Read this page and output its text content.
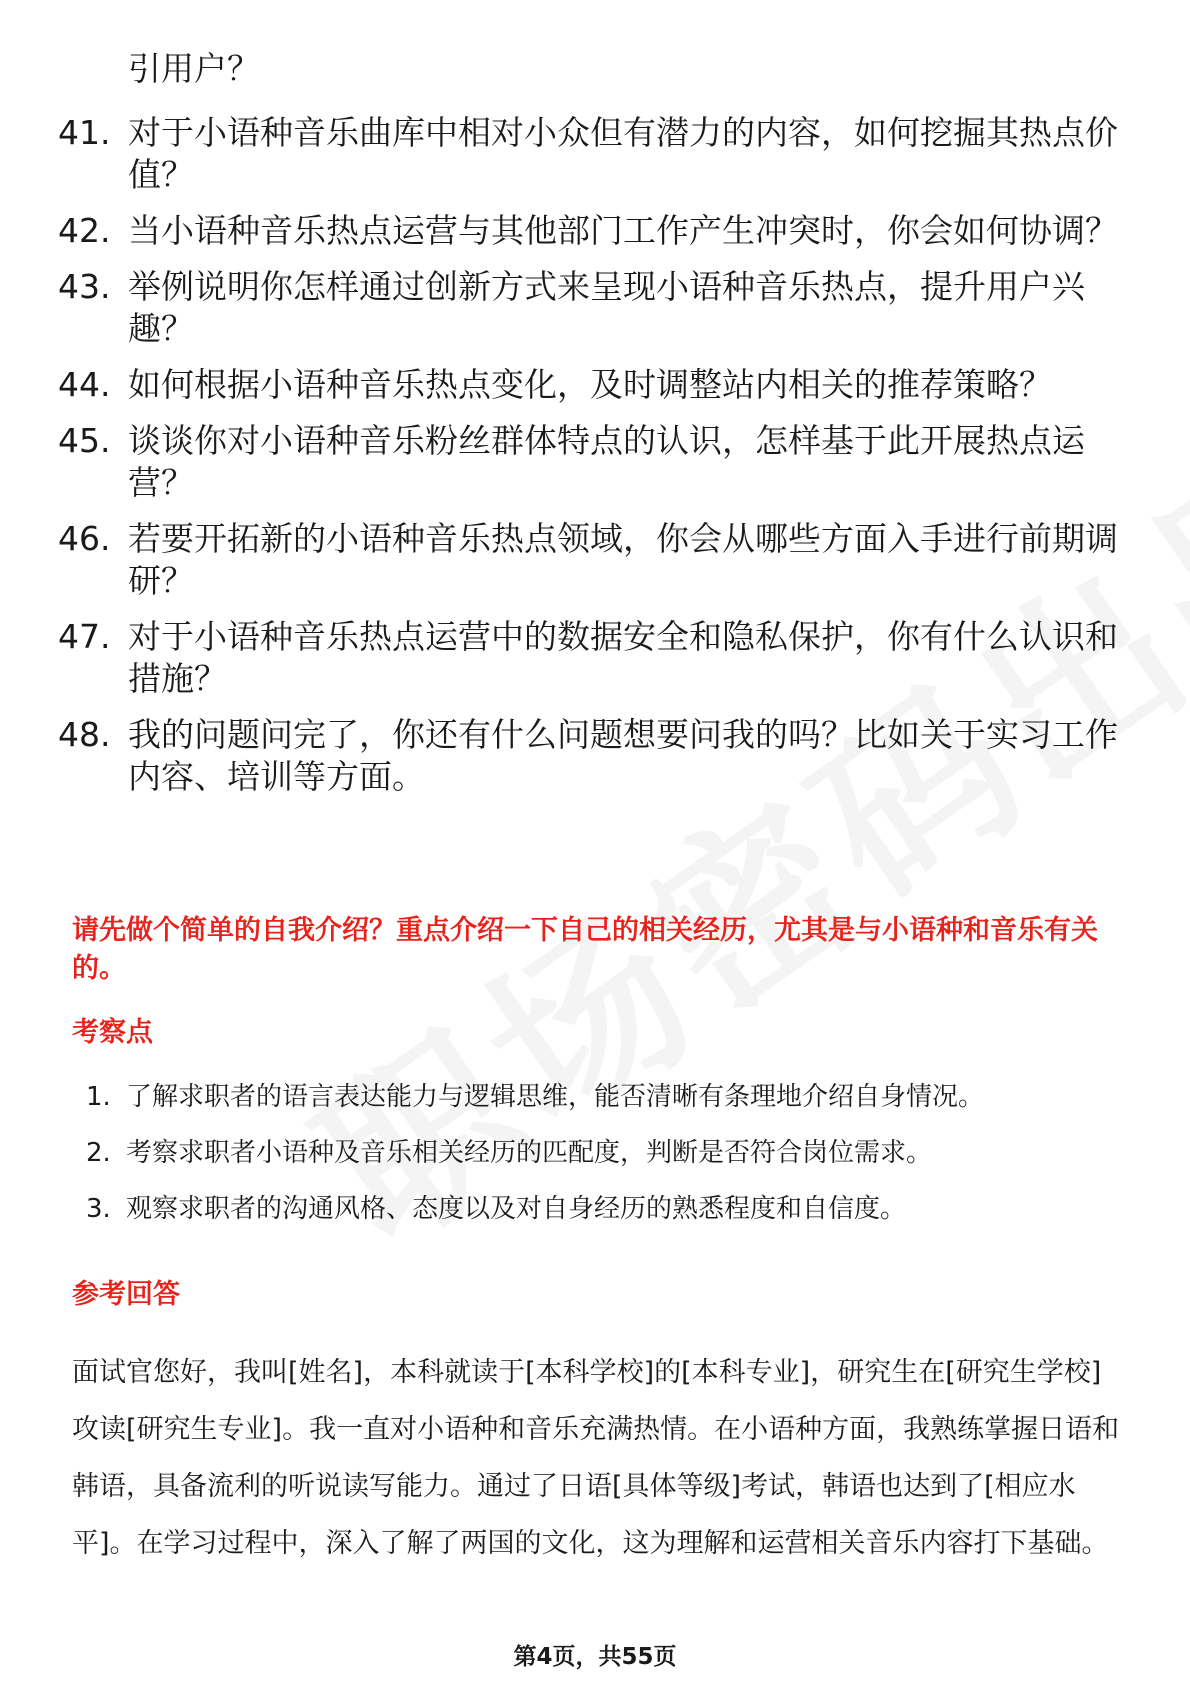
引用户？
41. 对于小语种音乐曲库中相对小众但有潜力的内容，如何挖掘其热点价值？
42. 当小语种音乐热点运营与其他部门工作产生冲突时，你会如何协调？
43. 举例说明你怎样通过创新方式来呈现小语种音乐热点，提升用户兴趣？
44. 如何根据小语种音乐热点变化，及时调整站内相关的推荐策略？
45. 谈谈你对小语种音乐粉丝群体特点的认识，怎样基于此开展热点运营？
46. 若要开拓新的小语种音乐热点领域，你会从哪些方面入手进行前期调研？
47. 对于小语种音乐热点运营中的数据安全和隐私保护，你有什么认识和措施？
48. 我的问题问完了，你还有什么问题想要问我的吗？比如关于实习工作内容、培训等方面。
请先做个简单的自我介绍？重点介绍一下自己的相关经历，尤其是与小语种和音乐有关的。
考察点
1. 了解求职者的语言表达能力与逻辑思维，能否清晰有条理地介绍自身情况。
2. 考察求职者小语种及音乐相关经历的匹配度，判断是否符合岗位需求。
3. 观察求职者的沟通风格、态度以及对自身经历的熟悉程度和自信度。
参考回答
面试官您好，我叫[姓名]，本科就读于[本科学校]的[本科专业]，研究生在[研究生学校]攻读[研究生专业]。我一直对小语种和音乐充满热情。在小语种方面，我熟练掌握日语和韩语，具备流利的听说读写能力。通过了日语[具体等级]考试，韩语也达到了[相应水平]。在学习过程中，深入了解了两国的文化，这为理解和运营相关音乐内容打下基础。
第4页，共55页
